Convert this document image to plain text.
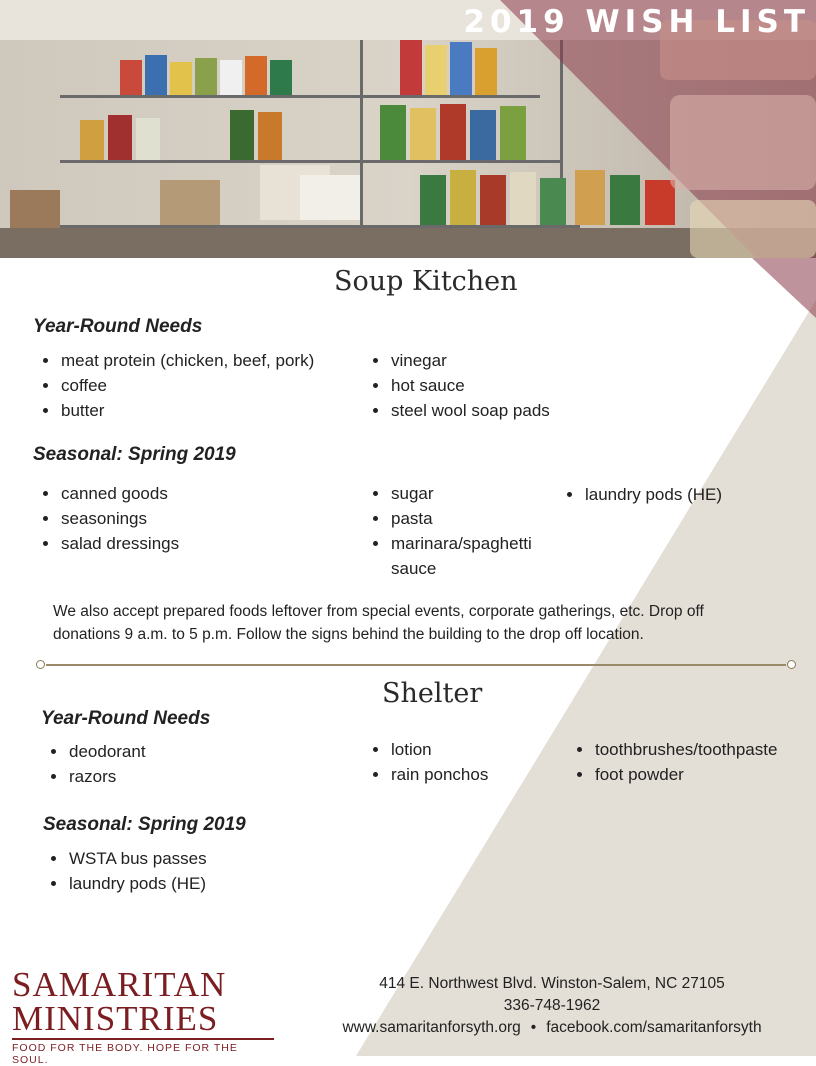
2019 WISH LIST
Soup Kitchen
Year-Round Needs
• meat protein (chicken, beef, pork)
• coffee
• butter
• vinegar
• hot sauce
• steel wool soap pads
Seasonal: Spring 2019
• canned goods
• seasonings
• salad dressings
• sugar
• pasta
• marinara/spaghetti sauce
• laundry pods (HE)

We also accept prepared foods leftover from special events, corporate gatherings, etc. Drop off donations 9 a.m. to 5 p.m. Follow the signs behind the building to the drop off location.

Shelter
Year-Round Needs
• deodorant
• razors
• lotion
• rain ponchos
• toothbrushes/toothpaste
• foot powder
Seasonal: Spring 2019
• WSTA bus passes
• laundry pods (HE)
SAMARITAN
MINISTRIES
FOOD FOR THE BODY. HOPE FOR THE SOUL.
414 E. Northwest Blvd. Winston-Salem, NC 27105
336-748-1962
www.samaritanforsyth.org • facebook.com/samaritanforsyth
